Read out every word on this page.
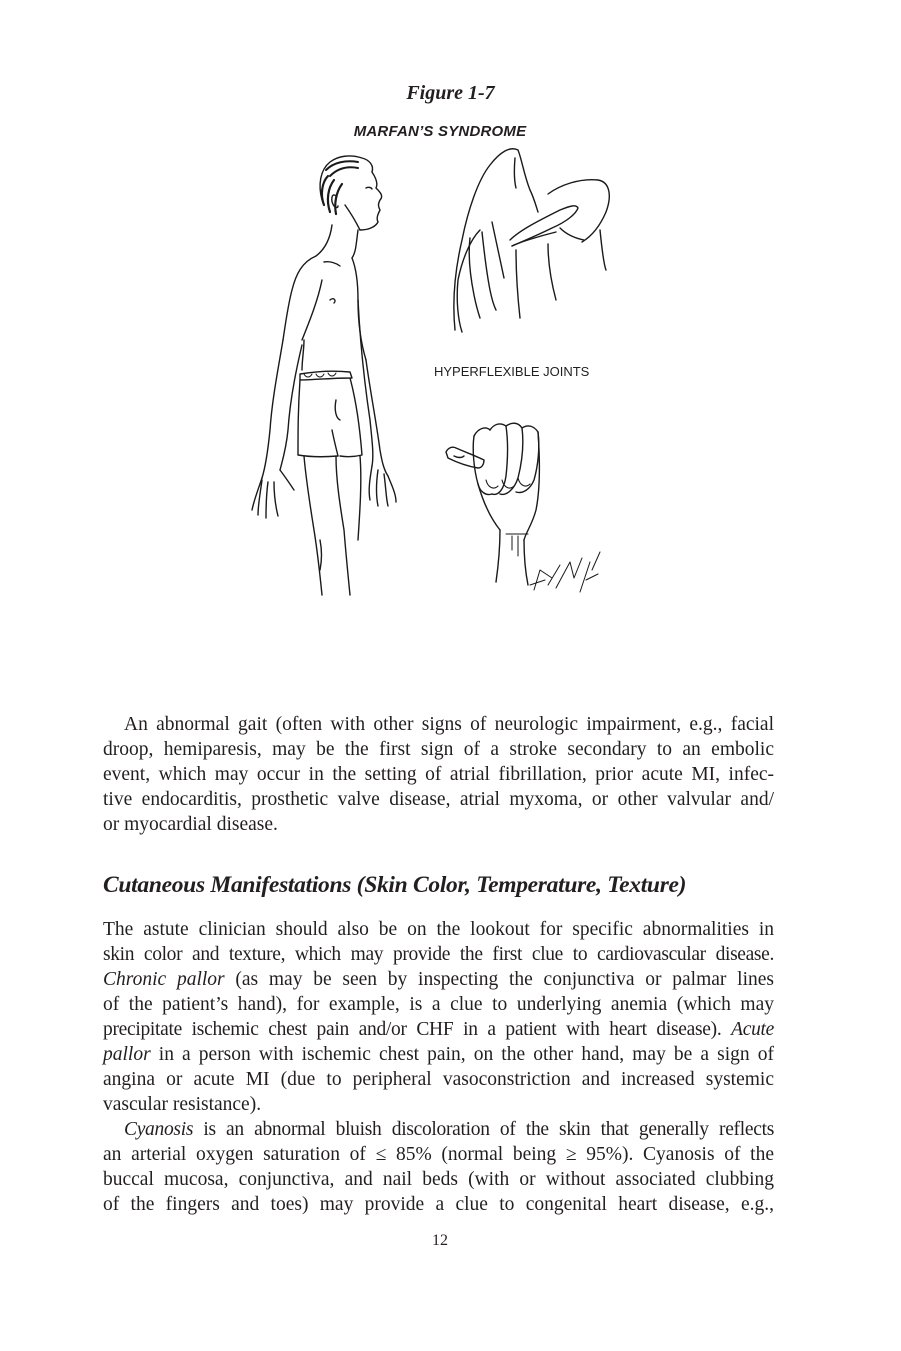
Figure 1-7
MARFAN’S SYNDROME
HYPERFLEXIBLE JOINTS
An abnormal gait (often with other signs of neurologic impairment, e.g., facial
droop, hemiparesis, may be the first sign of a stroke secondary to an embolic
event, which may occur in the setting of atrial fibrillation, prior acute MI, infec-
tive endocarditis, prosthetic valve disease, atrial myxoma, or other valvular and/
or myocardial disease.
Cutaneous Manifestations (Skin Color, Temperature, Texture)
The astute clinician should also be on the lookout for specific abnormalities in
skin color and texture, which may provide the first clue to cardiovascular disease.
Chronic pallor (as may be seen by inspecting the conjunctiva or palmar lines
of the patient’s hand), for example, is a clue to underlying anemia (which may
precipitate ischemic chest pain and/or CHF in a patient with heart disease). Acute
pallor in a person with ischemic chest pain, on the other hand, may be a sign of
angina or acute MI (due to peripheral vasoconstriction and increased systemic
vascular resistance).
Cyanosis is an abnormal bluish discoloration of the skin that generally reflects
an arterial oxygen saturation of ≤ 85% (normal being ≥ 95%). Cyanosis of the
buccal mucosa, conjunctiva, and nail beds (with or without associated clubbing
of the fingers and toes) may provide a clue to congenital heart disease, e.g.,
12
